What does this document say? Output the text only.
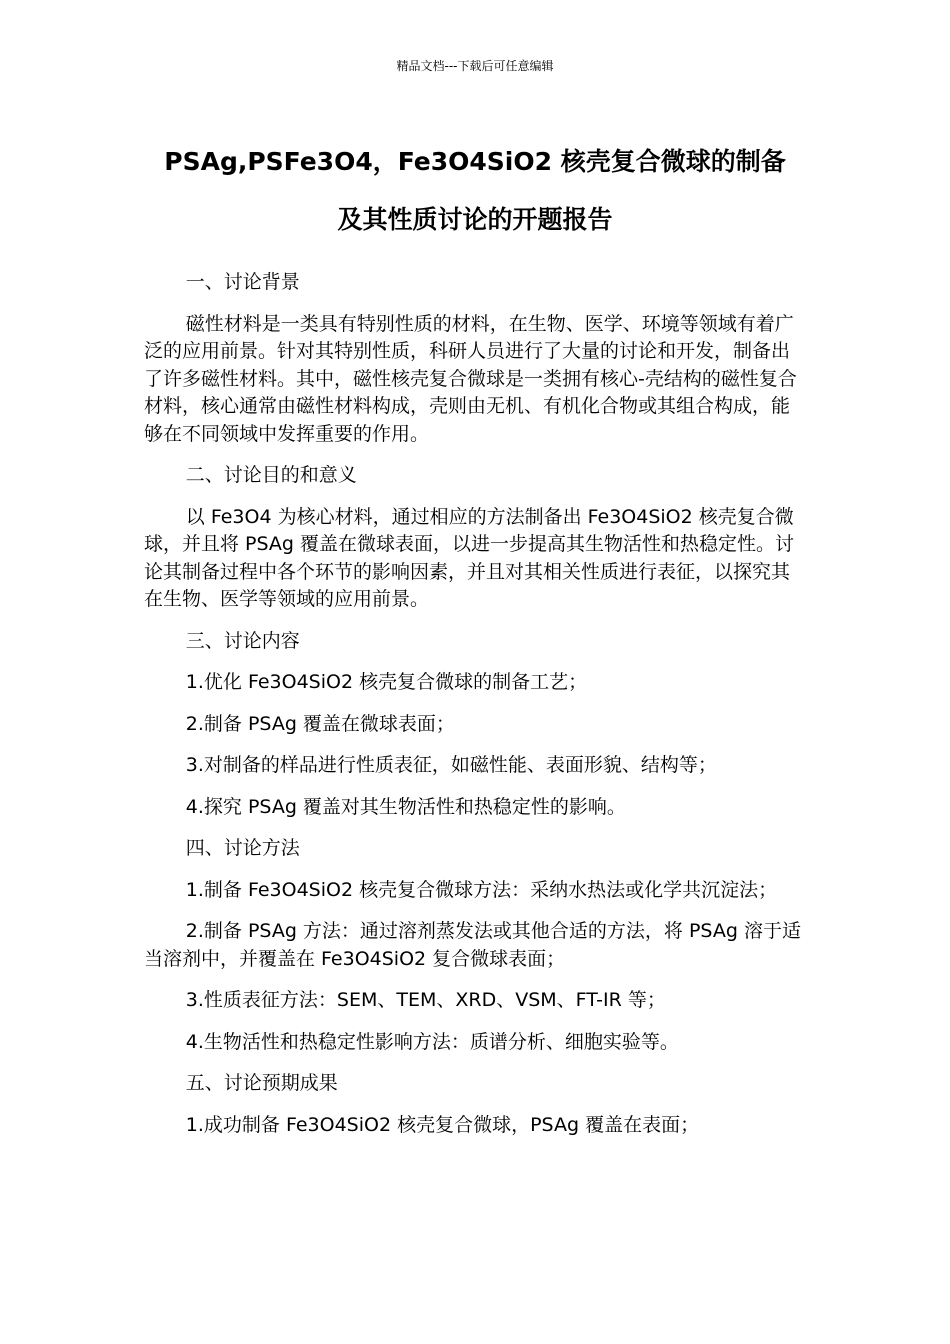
精品文档---下载后可任意编辑
PSAg,PSFe3O4，Fe3O4SiO2 核壳复合微球的制备
及其性质讨论的开题报告

一、讨论背景

磁性材料是一类具有特别性质的材料，在生物、医学、环境等领域有着广泛的应用前景。针对其特别性质，科研人员进行了大量的讨论和开发，制备出了许多磁性材料。其中，磁性核壳复合微球是一类拥有核心-壳结构的磁性复合材料，核心通常由磁性材料构成，壳则由无机、有机化合物或其组合构成，能够在不同领域中发挥重要的作用。

二、讨论目的和意义

以 Fe3O4 为核心材料，通过相应的方法制备出 Fe3O4SiO2 核壳复合微球，并且将 PSAg 覆盖在微球表面，以进一步提高其生物活性和热稳定性。讨论其制备过程中各个环节的影响因素，并且对其相关性质进行表征，以探究其在生物、医学等领域的应用前景。

三、讨论内容

1.优化 Fe3O4SiO2 核壳复合微球的制备工艺；

2.制备 PSAg 覆盖在微球表面；

3.对制备的样品进行性质表征，如磁性能、表面形貌、结构等；

4.探究 PSAg 覆盖对其生物活性和热稳定性的影响。

四、讨论方法

1.制备 Fe3O4SiO2 核壳复合微球方法：采纳水热法或化学共沉淀法；

2.制备 PSAg 方法：通过溶剂蒸发法或其他合适的方法，将 PSAg 溶于适当溶剂中，并覆盖在 Fe3O4SiO2 复合微球表面；

3.性质表征方法：SEM、TEM、XRD、VSM、FT-IR 等；

4.生物活性和热稳定性影响方法：质谱分析、细胞实验等。

五、讨论预期成果

1.成功制备 Fe3O4SiO2 核壳复合微球，PSAg 覆盖在表面；
